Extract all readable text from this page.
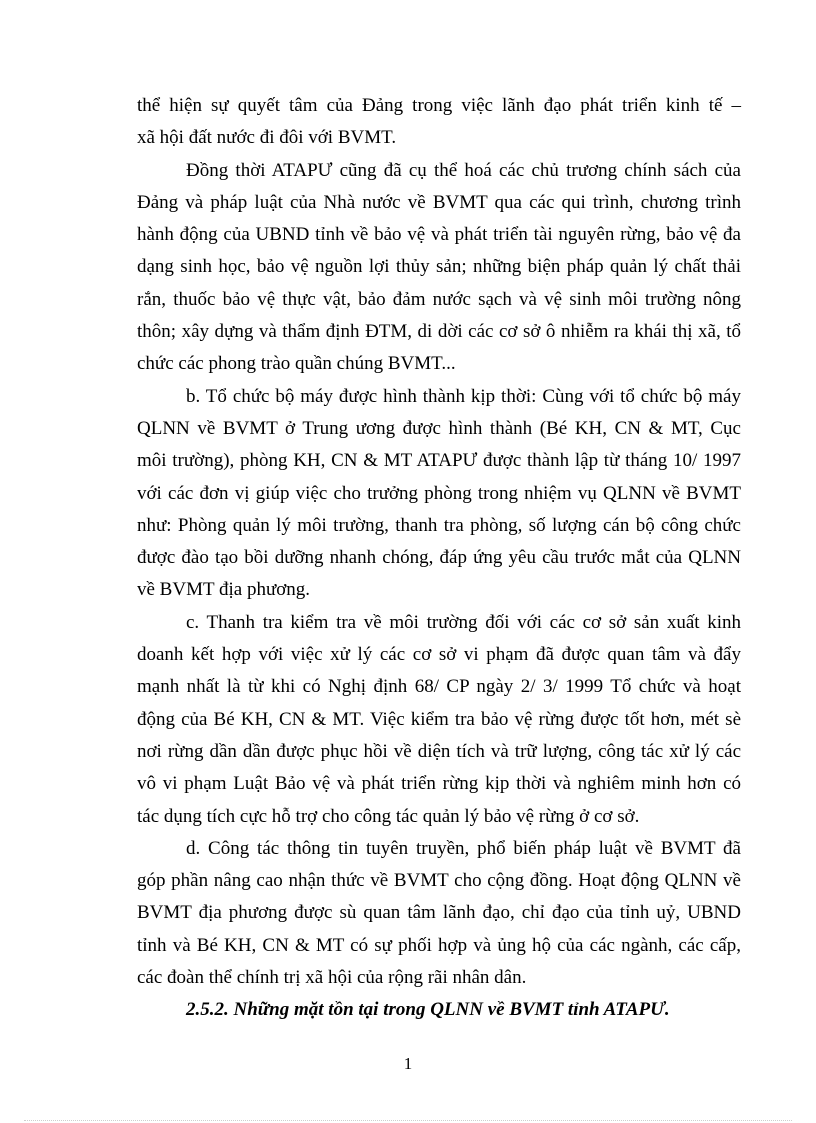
thể hiện sự quyết tâm của Đảng trong việc lãnh đạo phát triển kinh tế –
xã hội đất nước đi đôi với BVMT.
Đồng thời ATAPƯ cũng đã cụ thể hoá các chủ trương chính sách của
Đảng và pháp luật của Nhà nước về BVMT qua các qui trình, chương trình
hành động của UBND tỉnh về bảo vệ và phát triển tài nguyên rừng, bảo vệ đa
dạng sinh học, bảo vệ nguồn lợi thủy sản; những biện pháp quản lý chất thải
rắn, thuốc bảo vệ thực vật, bảo đảm nước sạch và vệ sinh môi trường nông
thôn; xây dựng và thẩm định ĐTM, di dời các cơ sở ô nhiễm ra khái thị xã, tổ
chức các phong trào quần chúng BVMT...
b. Tổ chức bộ máy được hình thành kịp thời: Cùng với tổ chức bộ máy
QLNN về BVMT ở Trung ương được hình thành (Bé KH, CN & MT, Cục
môi trường), phòng KH, CN & MT ATAPƯ được thành lập từ tháng 10/ 1997
với các đơn vị giúp việc cho trưởng phòng trong nhiệm vụ QLNN về BVMT
như: Phòng quản lý môi trường, thanh tra phòng, số lượng cán bộ công chức
được đào tạo bồi dưỡng nhanh chóng, đáp ứng yêu cầu trước mắt của QLNN
về BVMT địa phương.
c. Thanh tra kiểm tra về môi trường đối với các cơ sở sản xuất kinh
doanh kết hợp với việc xử lý các cơ sở vi phạm đã được quan tâm và đẩy
mạnh nhất là từ khi có Nghị định 68/ CP ngày 2/ 3/ 1999 Tổ chức và hoạt
động của Bé KH, CN & MT. Việc kiểm tra bảo vệ rừng được tốt hơn, mét sè
nơi rừng dần dần được phục hồi về diện tích và trữ lượng, công tác xử lý các
vô vi phạm Luật Bảo vệ và phát triển rừng kịp thời và nghiêm minh hơn có
tác dụng tích cực hỗ trợ cho công tác quản lý bảo vệ rừng ở cơ sở.
d. Công tác thông tin tuyên truyền, phổ biến pháp luật về BVMT đã
góp phần nâng cao nhận thức về BVMT cho cộng đồng. Hoạt động QLNN về
BVMT địa phương được sù quan tâm lãnh đạo, chỉ đạo của tỉnh uỷ, UBND
tỉnh và Bé KH, CN & MT có sự phối hợp và ủng hộ của các ngành, các cấp,
các đoàn thể chính trị xã hội của rộng rãi nhân dân.
2.5.2. Những mặt tồn tại trong QLNN về BVMT tỉnh ATAPƯ.
1
